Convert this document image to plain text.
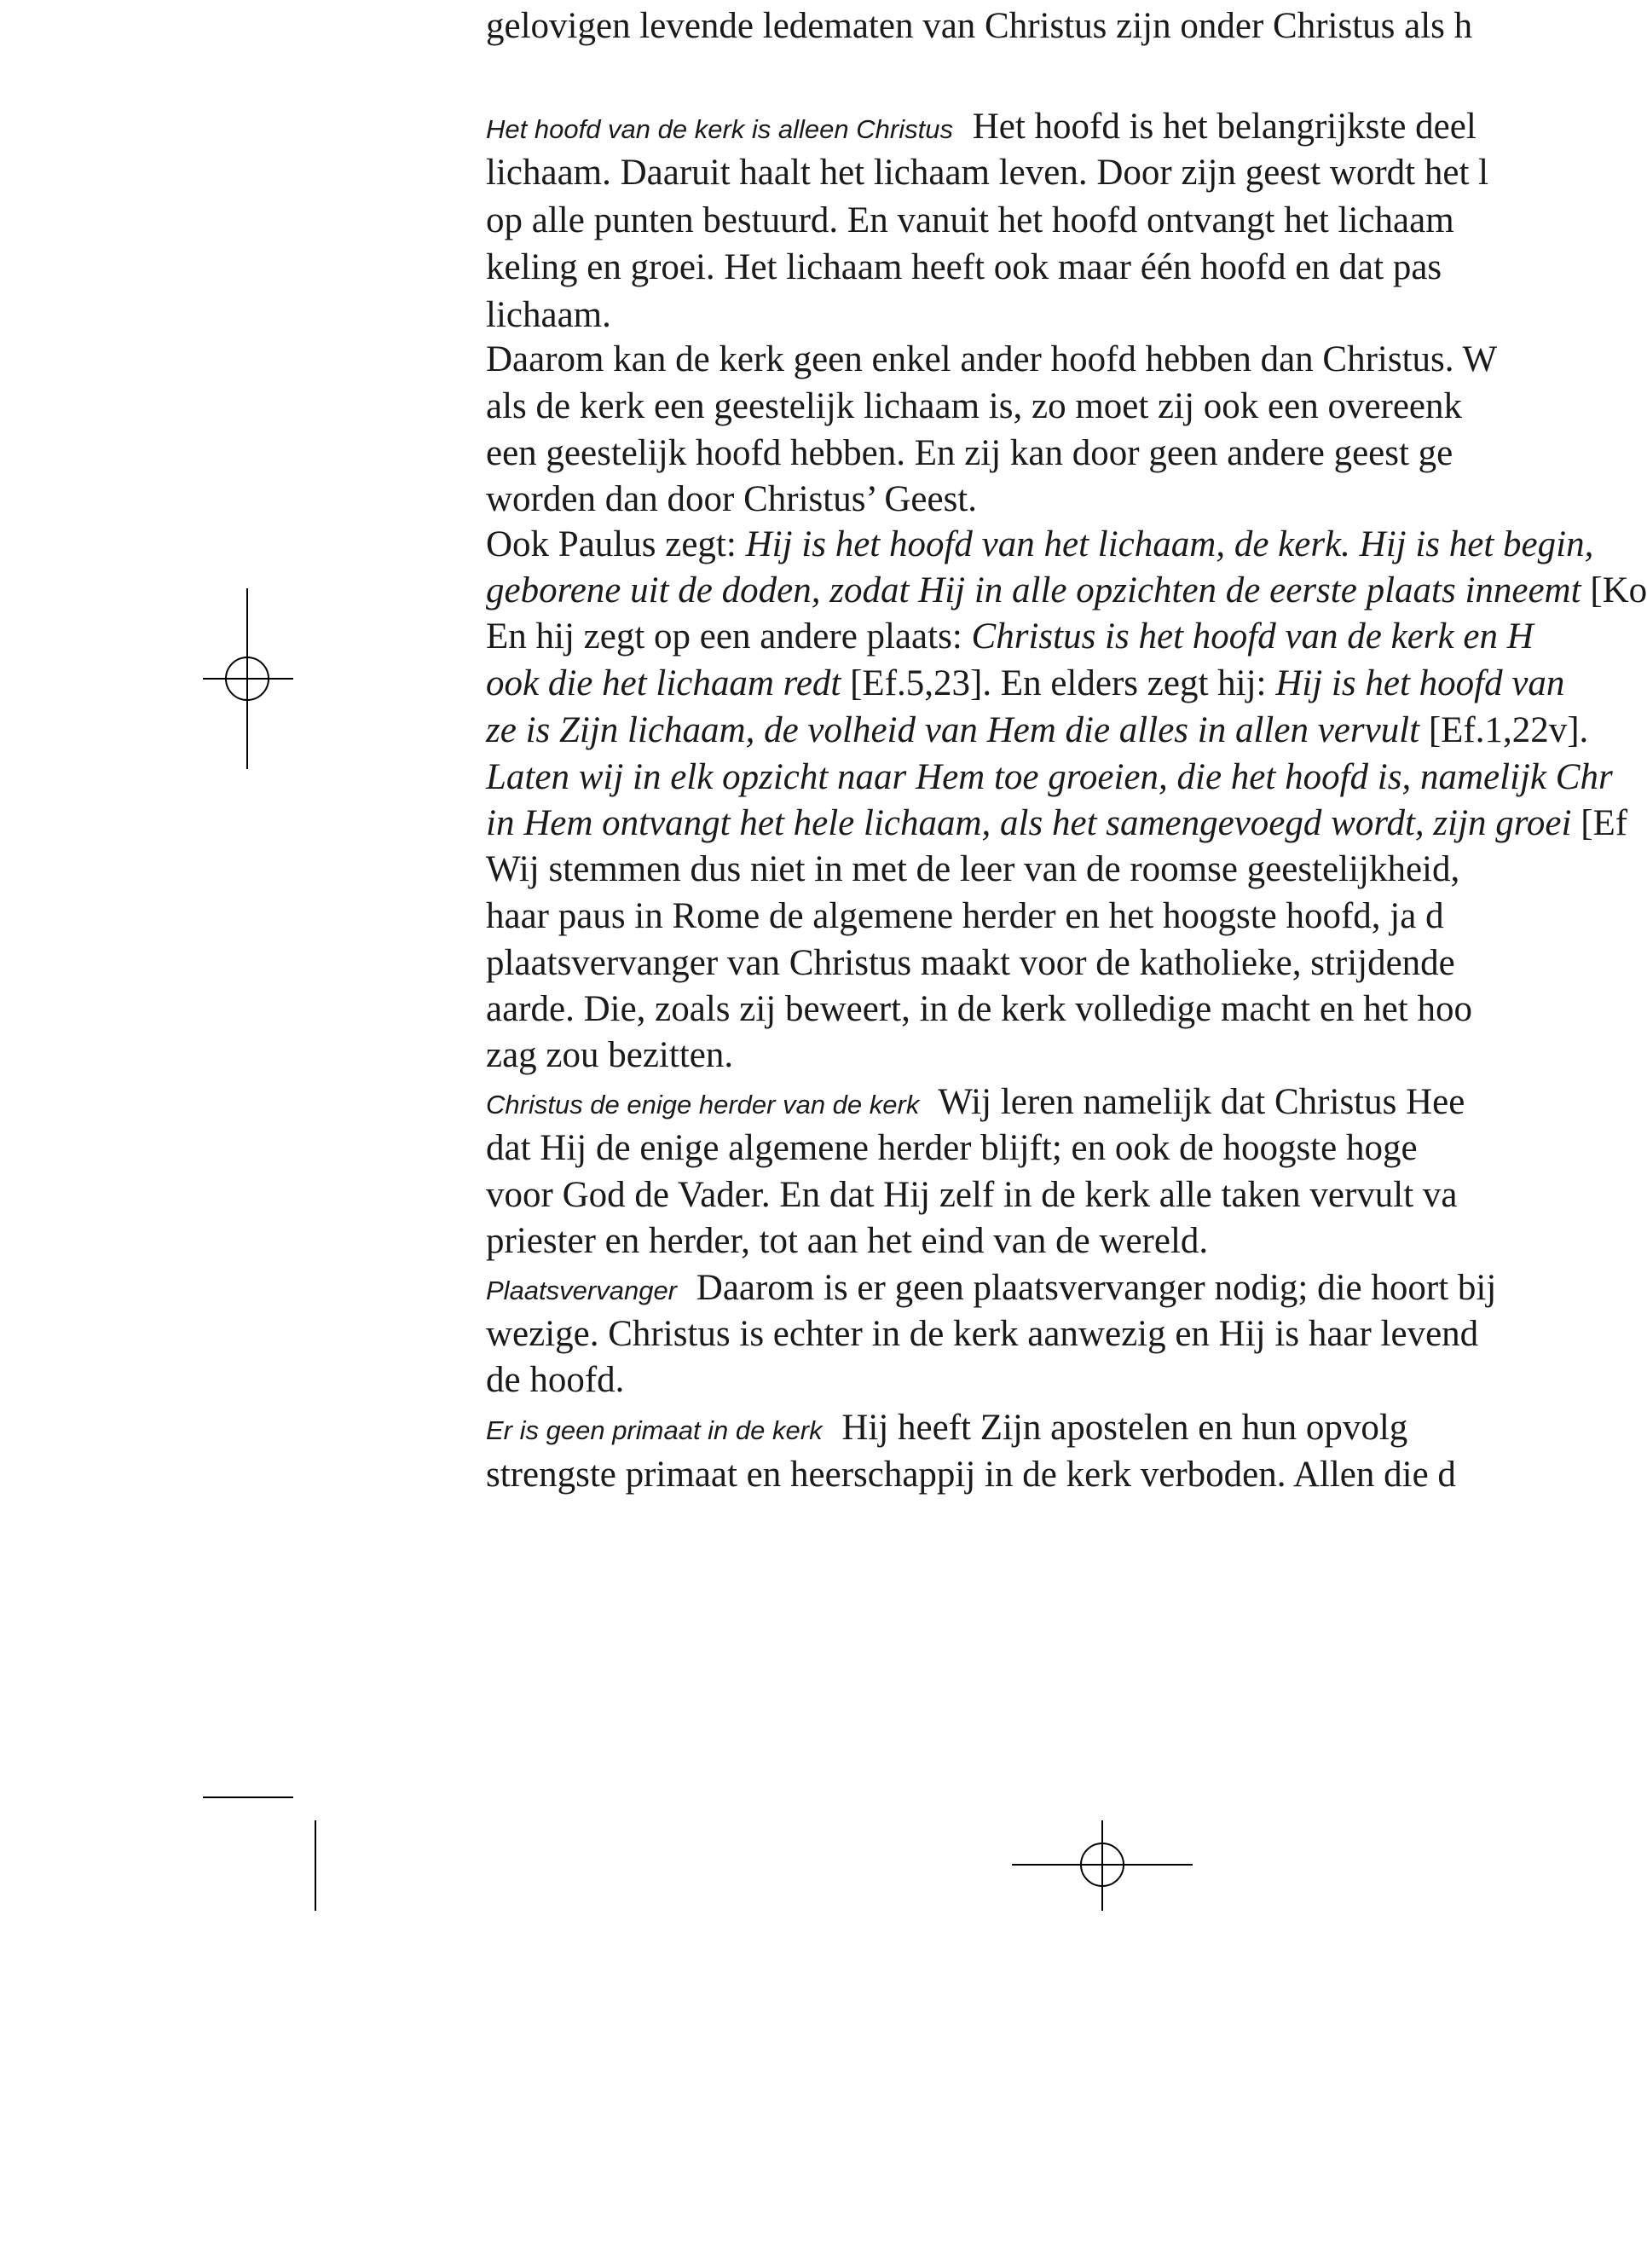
gelovigen levende ledematen van Christus zijn onder Christus als h
Het hoofd van de kerk is alleen Christus Het hoofd is het belangrijkste deel
lichaam. Daaruit haalt het lichaam leven. Door zijn geest wordt het l
op alle punten bestuurd. En vanuit het hoofd ontvangt het lichaam
keling en groei. Het lichaam heeft ook maar één hoofd en dat pas
lichaam.
Daarom kan de kerk geen enkel ander hoofd hebben dan Christus. W
als de kerk een geestelijk lichaam is, zo moet zij ook een overeenk
een geestelijk hoofd hebben. En zij kan door geen andere geest ge
worden dan door Christus’ Geest.
Ook Paulus zegt: Hij is het hoofd van het lichaam, de kerk. Hij is het begin,
geborene uit de doden, zodat Hij in alle opzichten de eerste plaats inneemt [Ko
En hij zegt op een andere plaats: Christus is het hoofd van de kerk en H
ook die het lichaam redt [Ef.5,23]. En elders zegt hij: Hij is het hoofd van
ze is Zijn lichaam, de volheid van Hem die alles in allen vervult [Ef.1,22v].
Laten wij in elk opzicht naar Hem toe groeien, die het hoofd is, namelijk Chr
in Hem ontvangt het hele lichaam, als het samengevoegd wordt, zijn groei [Ef
Wij stemmen dus niet in met de leer van de roomse geestelijkheid,
haar paus in Rome de algemene herder en het hoogste hoofd, ja d
plaatsvervanger van Christus maakt voor de katholieke, strijdende
aarde. Die, zoals zij beweert, in de kerk volledige macht en het hoo
zag zou bezitten.
Christus de enige herder van de kerk Wij leren namelijk dat Christus Hee
dat Hij de enige algemene herder blijft; en ook de hoogste hoge
voor God de Vader. En dat Hij zelf in de kerk alle taken vervult va
priester en herder, tot aan het eind van de wereld.
Plaatsvervanger Daarom is er geen plaatsvervanger nodig; die hoort bij
wezige. Christus is echter in de kerk aanwezig en Hij is haar levend
de hoofd.
Er is geen primaat in de kerk Hij heeft Zijn apostelen en hun opvolg
strengste primaat en heerschappij in de kerk verboden. Allen die d
